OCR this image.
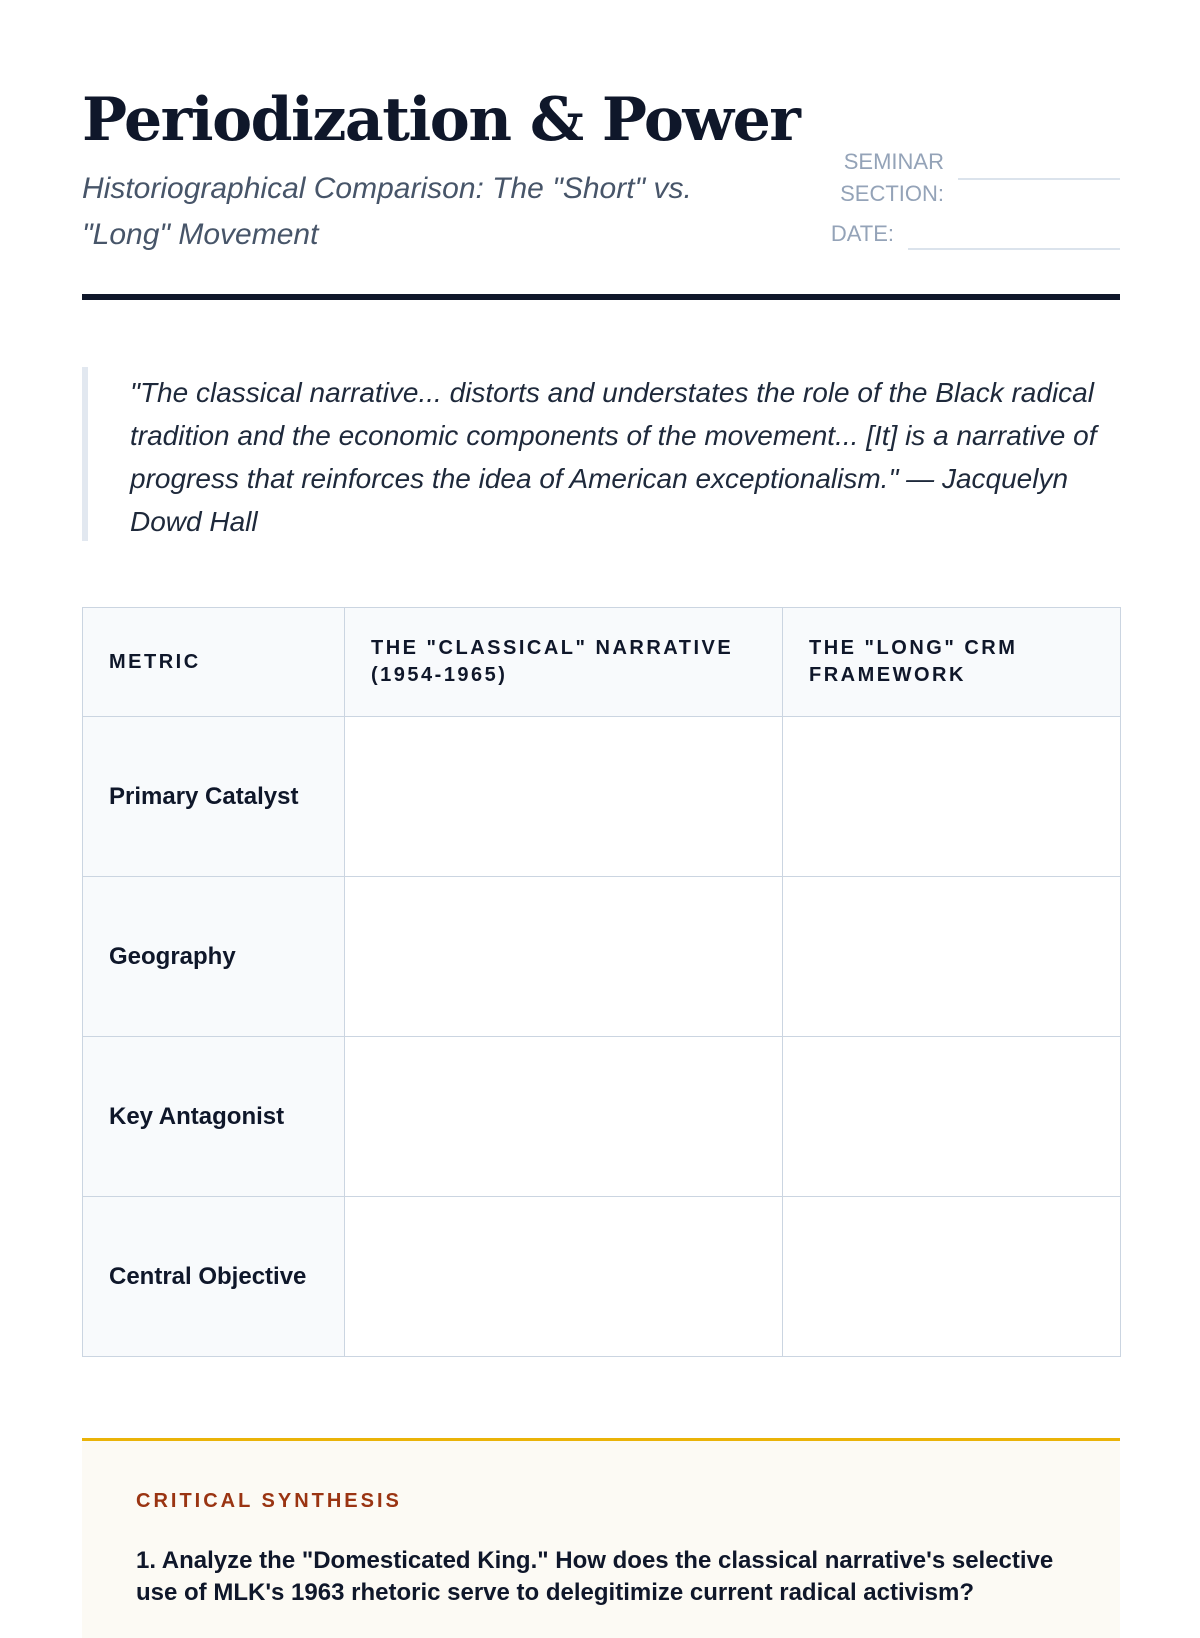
Periodization & Power

Historiographical Comparison: The "Short" vs. "Long" Movement

SEMINAR SECTION:
DATE:
"The classical narrative... distorts and understates the role of the Black radical tradition and the economic components of the movement... [It] is a narrative of progress that reinforces the idea of American exceptionalism." — Jacquelyn Dowd Hall
METRIC	THE "CLASSICAL" NARRATIVE (1954-1965)	THE "LONG" CRM FRAMEWORK
Primary Catalyst		
Geography		
Key Antagonist		
Central Objective		
CRITICAL SYNTHESIS

1. Analyze the "Domesticated King." How does the classical narrative's selective use of MLK's 1963 rhetoric serve to delegitimize current radical activism?
